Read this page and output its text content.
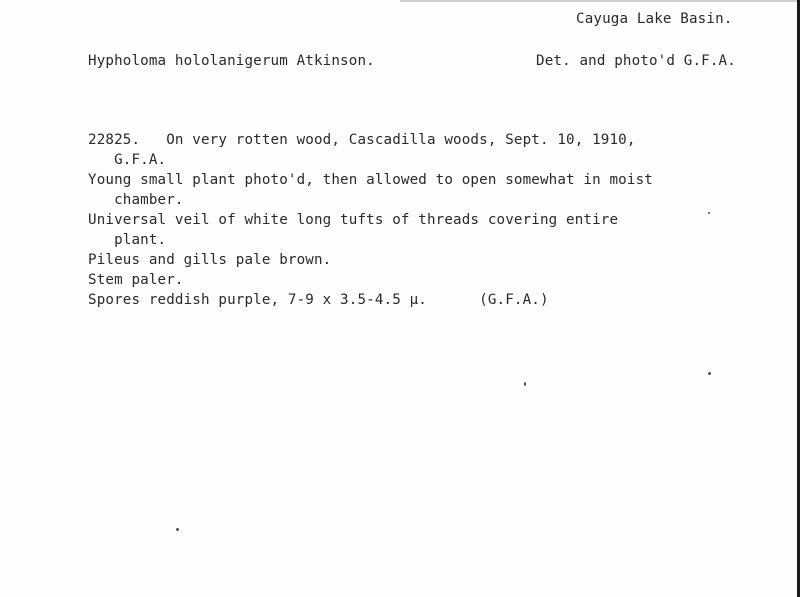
Cayuga Lake Basin.
Hypholoma hololanigerum Atkinson.	Det. and photo'd G.F.A.
22825.   On very rotten wood, Cascadilla woods, Sept. 10, 1910,
G.F.A.
Young small plant photo'd, then allowed to open somewhat in moist
chamber.
Universal veil of white long tufts of threads covering entire
plant.
Pileus and gills pale brown.
Stem paler.
Spores reddish purple, 7-9 x 3.5-4.5 µ.      (G.F.A.)
